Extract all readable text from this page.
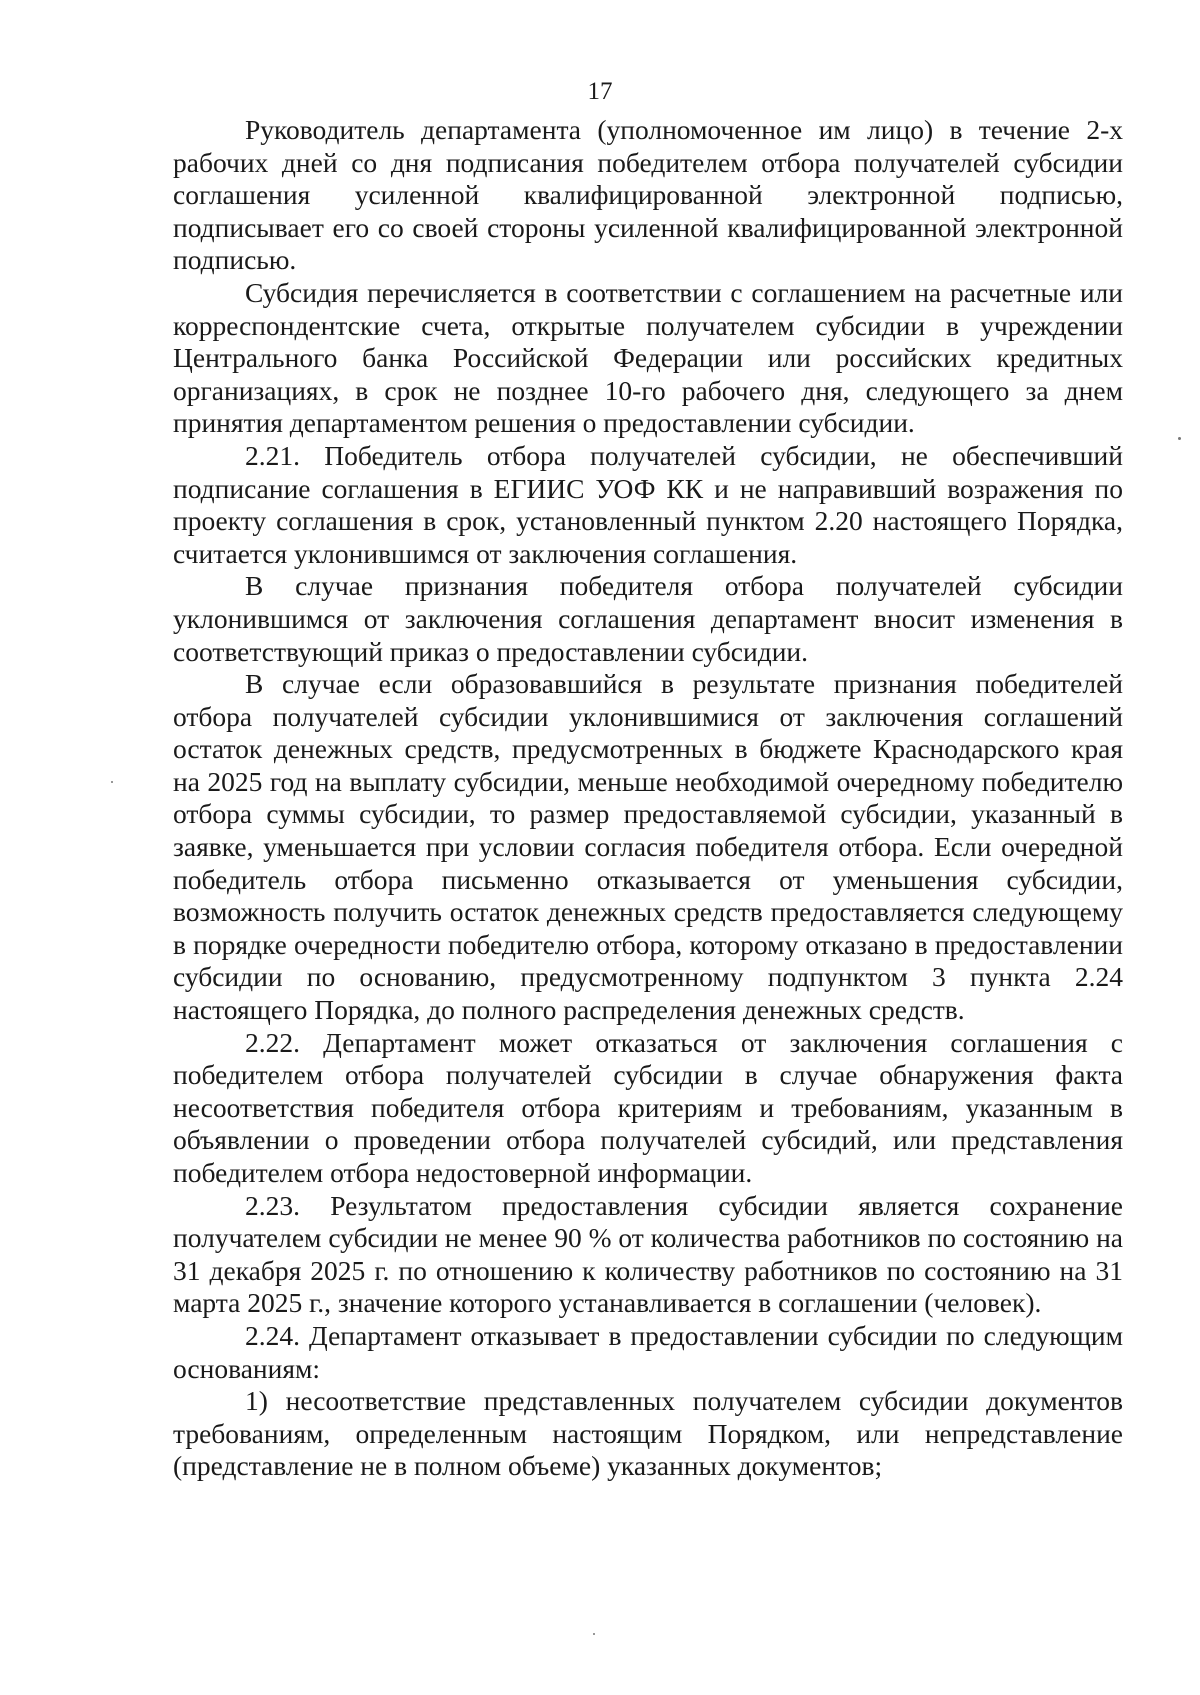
17

Руководитель департамента (уполномоченное им лицо) в течение 2-х рабочих дней со дня подписания победителем отбора получателей субсидии соглашения усиленной квалифицированной электронной подписью, подписывает его со своей стороны усиленной квалифицированной электронной подписью.

Субсидия перечисляется в соответствии с соглашением на расчетные или корреспондентские счета, открытые получателем субсидии в учреждении Центрального банка Российской Федерации или российских кредитных организациях, в срок не позднее 10-го рабочего дня, следующего за днем принятия департаментом решения о предоставлении субсидии.

2.21. Победитель отбора получателей субсидии, не обеспечивший подписание соглашения в ЕГИИС УОФ КК и не направивший возражения по проекту соглашения в срок, установленный пунктом 2.20 настоящего Порядка, считается уклонившимся от заключения соглашения.

В случае признания победителя отбора получателей субсидии уклонившимся от заключения соглашения департамент вносит изменения в соответствующий приказ о предоставлении субсидии.

В случае если образовавшийся в результате признания победителей отбора получателей субсидии уклонившимися от заключения соглашений остаток денежных средств, предусмотренных в бюджете Краснодарского края на 2025 год на выплату субсидии, меньше необходимой очередному победителю отбора суммы субсидии, то размер предоставляемой субсидии, указанный в заявке, уменьшается при условии согласия победителя отбора. Если очередной победитель отбора письменно отказывается от уменьшения субсидии, возможность получить остаток денежных средств предоставляется следующему в порядке очередности победителю отбора, которому отказано в предоставлении субсидии по основанию, предусмотренному подпунктом 3 пункта 2.24 настоящего Порядка, до полного распределения денежных средств.

2.22. Департамент может отказаться от заключения соглашения с победителем отбора получателей субсидии в случае обнаружения факта несоответствия победителя отбора критериям и требованиям, указанным в объявлении о проведении отбора получателей субсидий, или представления победителем отбора недостоверной информации.

2.23. Результатом предоставления субсидии является сохранение получателем субсидии не менее 90 % от количества работников по состоянию на 31 декабря 2025 г. по отношению к количеству работников по состоянию на 31 марта 2025 г., значение которого устанавливается в соглашении (человек).

2.24. Департамент отказывает в предоставлении субсидии по следующим основаниям:

1) несоответствие представленных получателем субсидии документов требованиям, определенным настоящим Порядком, или непредставление (представление не в полном объеме) указанных документов;
